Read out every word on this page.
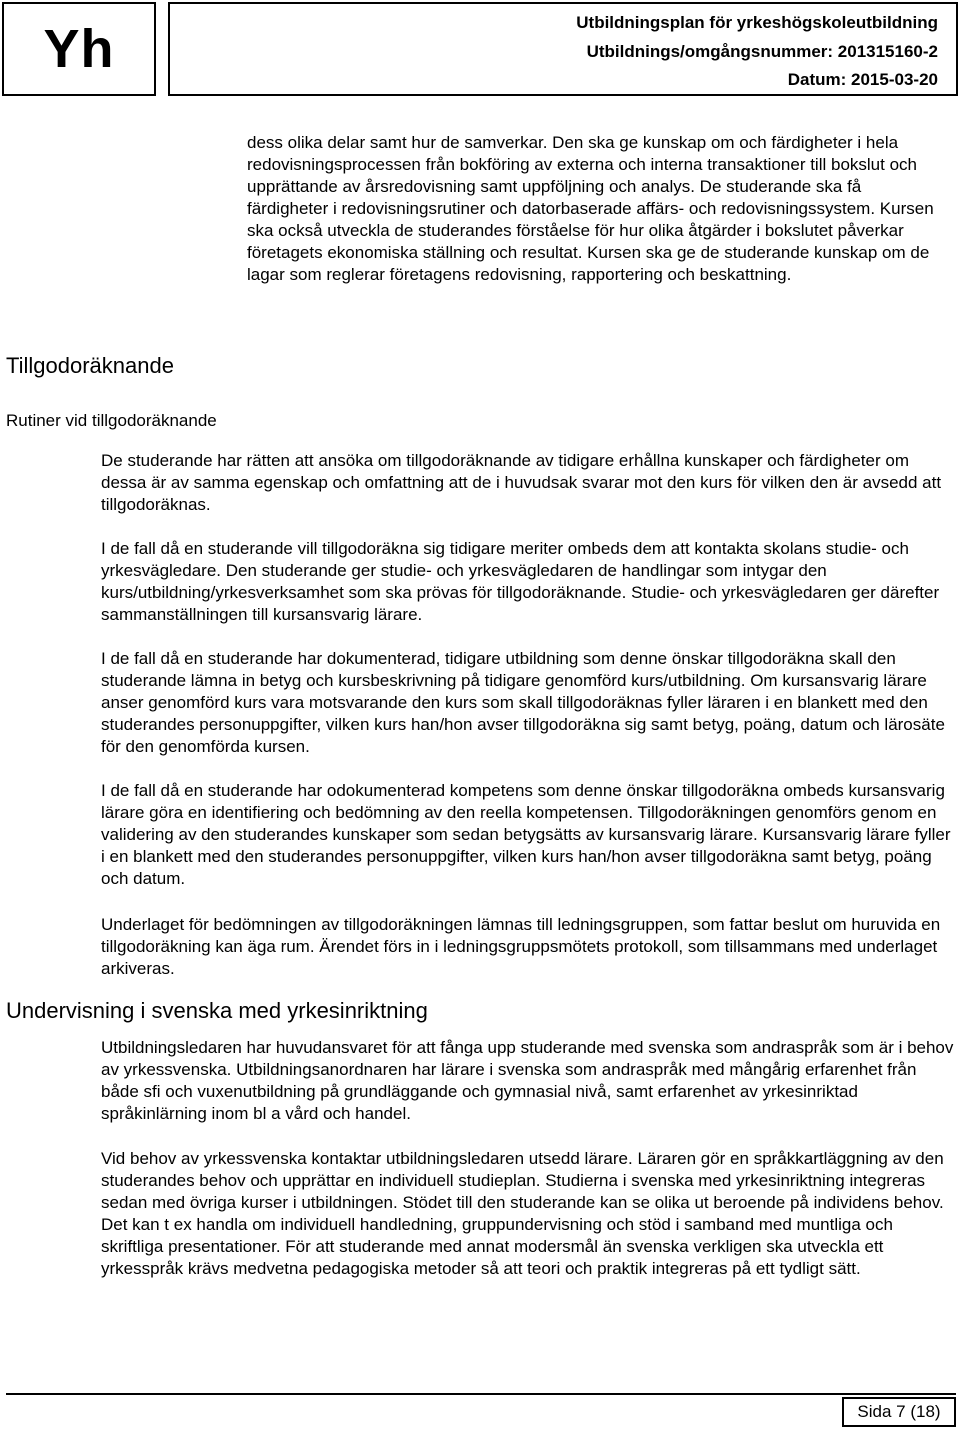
Yh	Utbildningsplan för yrkeshögskoleutbildning
Utbildnings/omgångsnummer: 201315160-2
Datum: 2015-03-20

dess olika delar samt hur de samverkar. Den ska ge kunskap om och färdigheter i hela redovisningsprocessen från bokföring av externa och interna transaktioner till bokslut och upprättande av årsredovisning samt uppföljning och analys. De studerande ska få färdigheter i redovisningsrutiner och datorbaserade affärs- och redovisningssystem. Kursen ska också utveckla de studerandes förståelse för hur olika åtgärder i bokslutet påverkar företagets ekonomiska ställning och resultat. Kursen ska ge de studerande kunskap om de lagar som reglerar företagens redovisning, rapportering och beskattning.

Tillgodoräknande
Rutiner vid tillgodoräknande

De studerande har rätten att ansöka om tillgodoräknande av tidigare erhållna kunskaper och färdigheter om dessa är av samma egenskap och omfattning att de i huvudsak svarar mot den kurs för vilken den är avsedd att tillgodoräknas.

I de fall då en studerande vill tillgodoräkna sig tidigare meriter ombeds dem att kontakta skolans studie- och yrkesvägledare. Den studerande ger studie- och yrkesvägledaren de handlingar som intygar den kurs/utbildning/yrkesverksamhet som ska prövas för tillgodoräknande. Studie- och yrkesvägledaren ger därefter sammanställningen till kursansvarig lärare.

I de fall då en studerande har dokumenterad, tidigare utbildning som denne önskar tillgodoräkna skall den studerande lämna in betyg och kursbeskrivning på tidigare genomförd kurs/utbildning. Om kursansvarig lärare anser genomförd kurs vara motsvarande den kurs som skall tillgodoräknas fyller läraren i en blankett med den studerandes personuppgifter, vilken kurs han/hon avser tillgodoräkna sig samt betyg, poäng, datum och lärosäte för den genomförda kursen.

I de fall då en studerande har odokumenterad kompetens som denne önskar tillgodoräkna ombeds kursansvarig lärare göra en identifiering och bedömning av den reella kompetensen. Tillgodoräkningen genomförs genom en validering av den studerandes kunskaper som sedan betygsätts av kursansvarig lärare. Kursansvarig lärare fyller i en blankett med den studerandes personuppgifter, vilken kurs han/hon avser tillgodoräkna samt betyg, poäng och datum.

Underlaget för bedömningen av tillgodoräkningen lämnas till ledningsgruppen, som fattar beslut om huruvida en tillgodoräkning kan äga rum. Ärendet förs in i ledningsgruppsmötets protokoll, som tillsammans med underlaget arkiveras.

Undervisning i svenska med yrkesinriktning

Utbildningsledaren har huvudansvaret för att fånga upp studerande med svenska som andraspråk som är i behov av yrkessvenska. Utbildningsanordnaren har lärare i svenska som andraspråk med mångårig erfarenhet från både sfi och vuxenutbildning på grundläggande och gymnasial nivå, samt erfarenhet av yrkesinriktad språkinlärning inom bl a vård och handel.

Vid behov av yrkessvenska kontaktar utbildningsledaren utsedd lärare. Läraren gör en språkkartläggning av den studerandes behov och upprättar en individuell studieplan. Studierna i svenska med yrkesinriktning integreras sedan med övriga kurser i utbildningen. Stödet till den studerande kan se olika ut beroende på individens behov. Det kan t ex handla om individuell handledning, gruppundervisning och stöd i samband med muntliga och skriftliga presentationer. För att studerande med annat modersmål än svenska verkligen ska utveckla ett yrkesspråk krävs medvetna pedagogiska metoder så att teori och praktik integreras på ett tydligt sätt.

Sida 7 (18)
